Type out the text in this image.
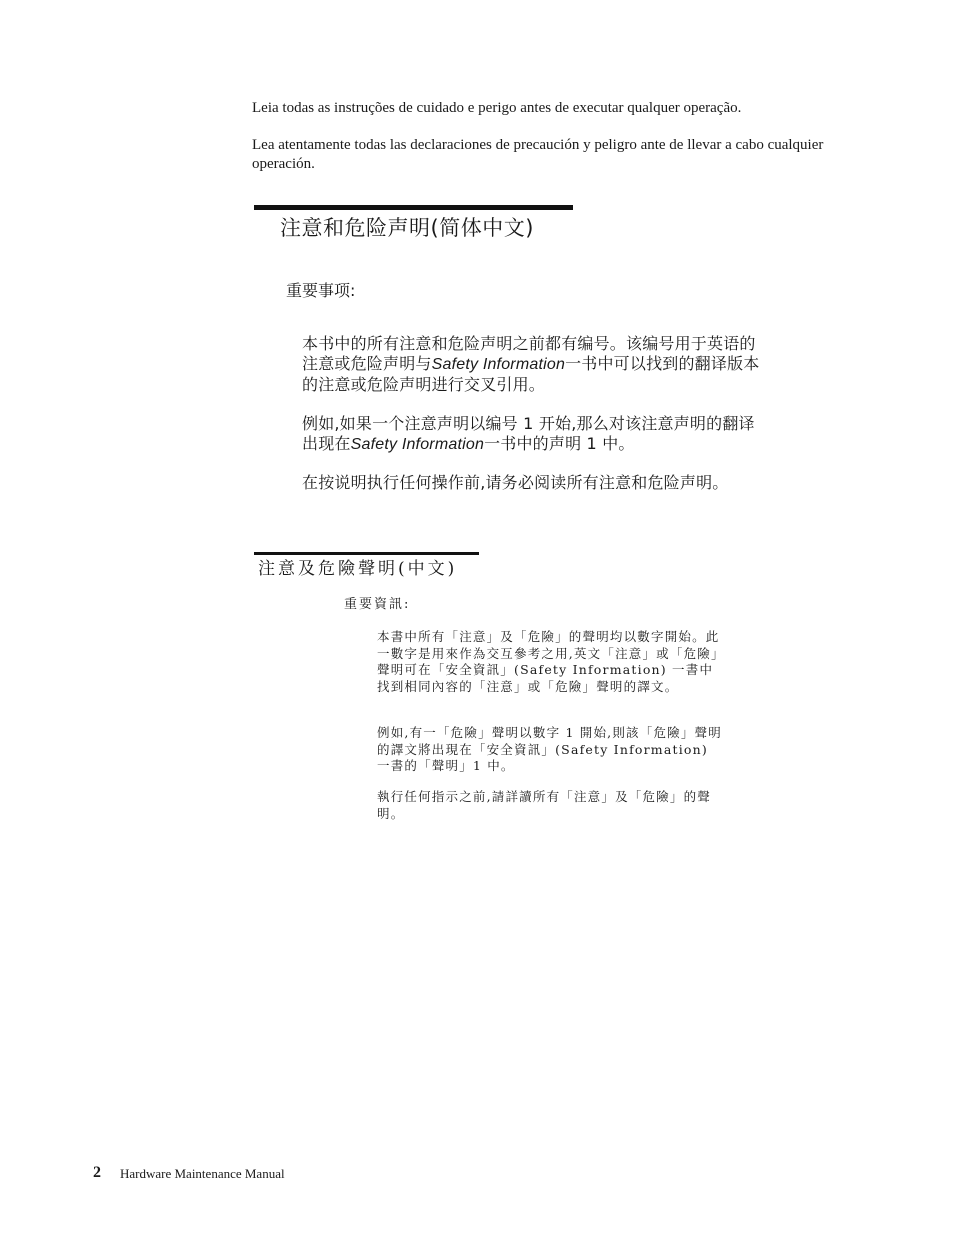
Leia todas as instruções de cuidado e perigo antes de executar qualquer operação.

Lea atentamente todas las declaraciones de precaución y peligro ante de llevar a cabo cualquier operación.

注意和危险声明(简体中文)

重要事项:

本书中的所有注意和危险声明之前都有编号。该编号用于英语的注意或危险声明与Safety Information一书中可以找到的翻译版本的注意或危险声明进行交叉引用。

例如,如果一个注意声明以编号 1 开始,那么对该注意声明的翻译出现在Safety Information一书中的声明 1 中。

在按说明执行任何操作前,请务必阅读所有注意和危险声明。

注意及危險聲明(中文)

重要資訊:

本書中所有「注意」及「危險」的聲明均以數字開始。此一數字是用來作為交互參考之用,英文「注意」或「危險」聲明可在「安全資訊」(Safety Information) 一書中找到相同內容的「注意」或「危險」聲明的譯文。

例如,有一「危險」聲明以數字 1 開始,則該「危險」聲明的譯文將出現在「安全資訊」(Safety Information) 一書的「聲明」1 中。

執行任何指示之前,請詳讀所有「注意」及「危險」的聲明。

2 Hardware Maintenance Manual
